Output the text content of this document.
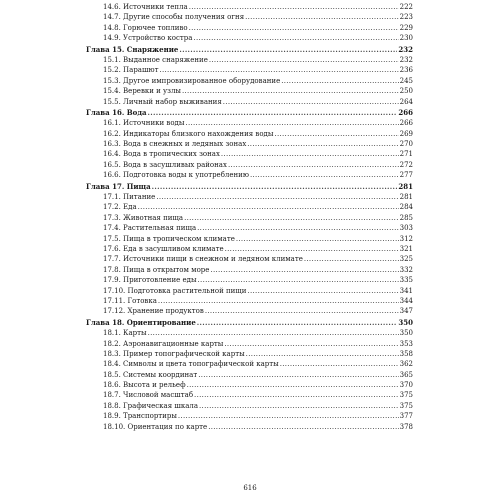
14.6. Источники тепла .....	222
14.7. Другие способы получения огня .....	223
14.8. Горючее топливо .....	229
14.9. Устройство костра .....	230
Глава 15. Снаряжение .....	232
15.1. Выданное снаряжение .....	232
15.2. Парашют .....	236
15.3. Другое импровизированное оборудование .....	245
15.4. Веревки и узлы .....	250
15.5. Личный набор выживания .....	264
Глава 16. Вода .....	266
16.1. Источники воды .....	266
16.2. Индикаторы близкого нахождения воды .....	269
16.3. Вода в снежных и ледяных зонах .....	270
16.4. Вода в тропических зонах .....	271
16.5. Вода в засушливых районах .....	272
16.6. Подготовка воды к употреблению .....	277
Глава 17. Пища .....	281
17.1. Питание .....	281
17.2. Еда .....	284
17.3. Животная пища .....	285
17.4. Растительная пища .....	303
17.5. Пища в тропическом климате .....	312
17.6. Еда в засушливом климате .....	321
17.7. Источники пищи в снежном и ледяном климате .....	325
17.8. Пища в открытом море .....	332
17.9. Приготовление еды .....	335
17.10. Подготовка растительной пищи .....	341
17.11. Готовка .....	344
17.12. Хранение продуктов .....	347
Глава 18. Ориентирование .....	350
18.1. Карты .....	350
18.2. Аэронавигационные карты .....	353
18.3. Пример топографической карты .....	358
18.4. Символы и цвета топографической карты .....	362
18.5. Системы координат .....	365
18.6. Высота и рельеф .....	370
18.7. Числовой масштаб .....	375
18.8. Графическая шкала .....	375
18.9. Транспортиры .....	377
18.10. Ориентация по карте .....	378
616
